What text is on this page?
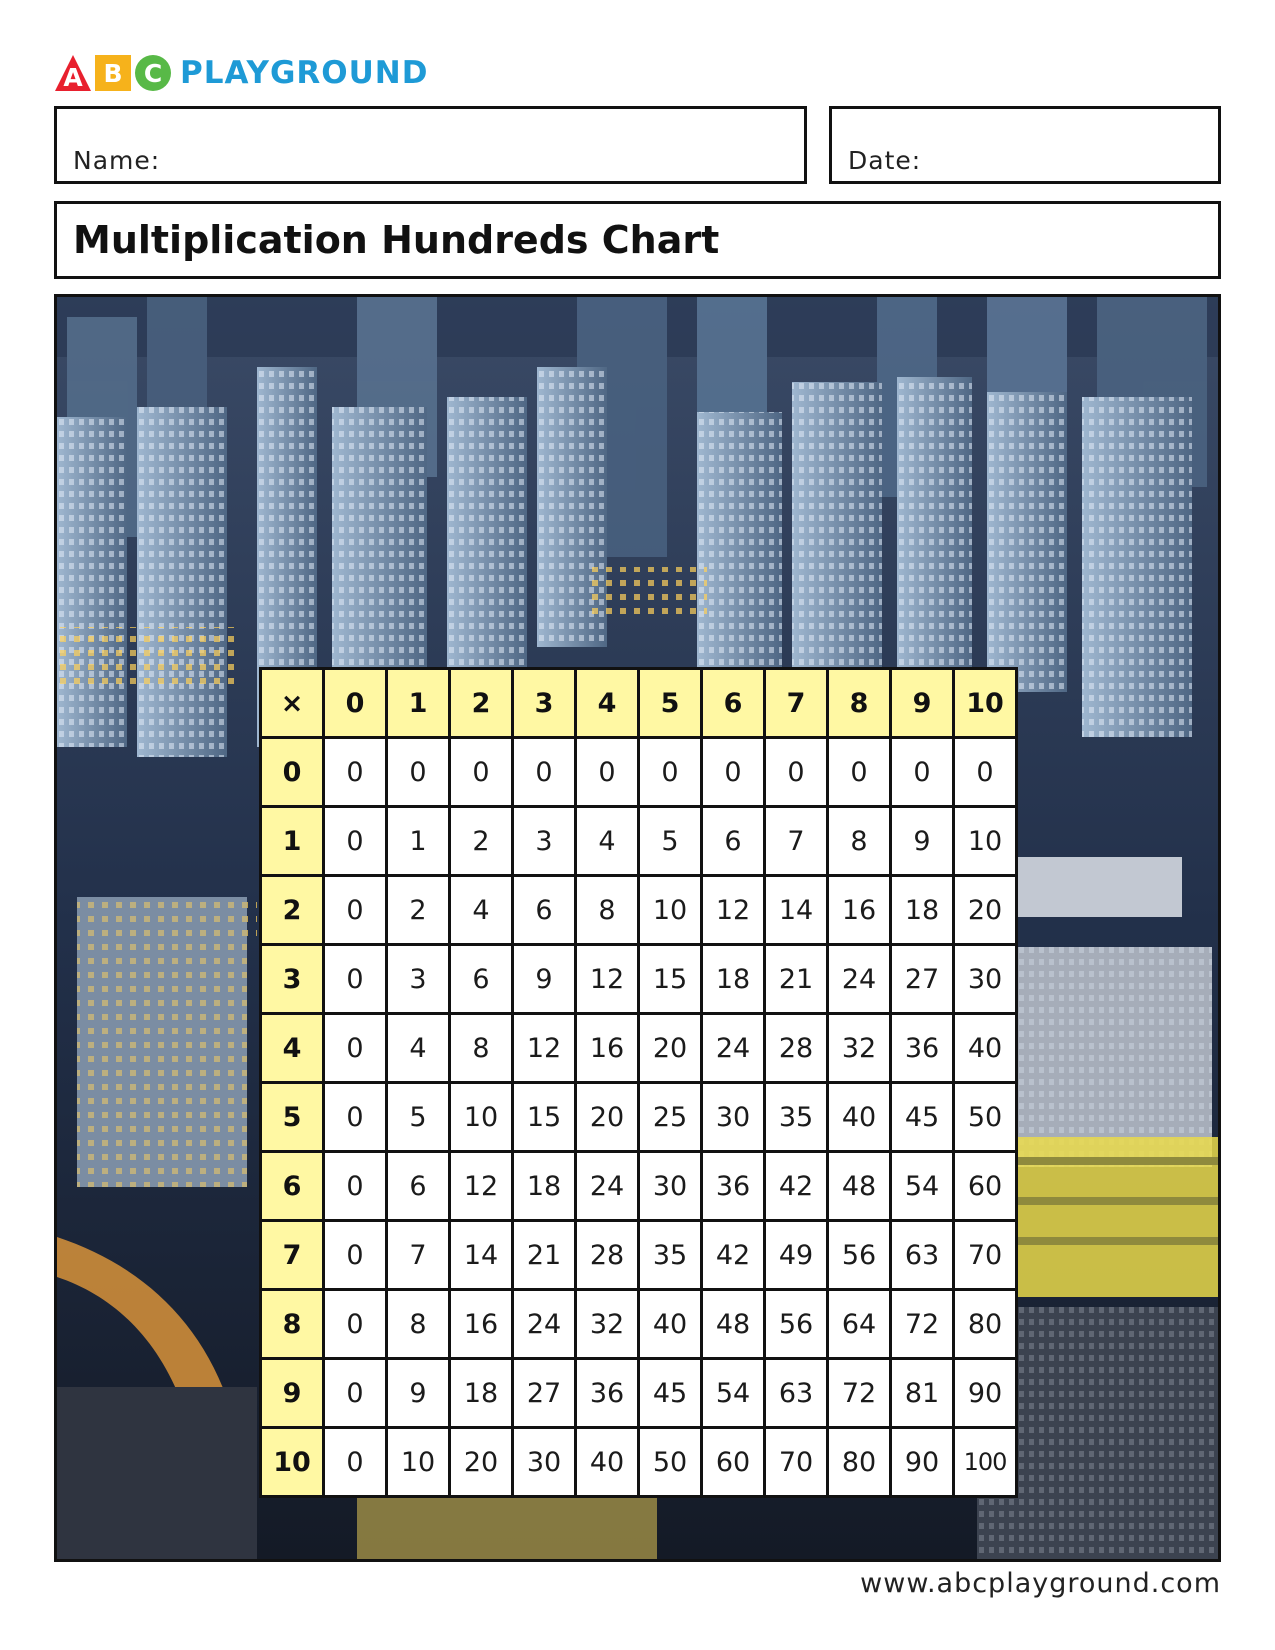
A B C PLAYGROUND
Name:	Date:
Multiplication Hundreds Chart
×	0	1	2	3	4	5	6	7	8	9	10
0	0	0	0	0	0	0	0	0	0	0	0
1	0	1	2	3	4	5	6	7	8	9	10
2	0	2	4	6	8	10	12	14	16	18	20
3	0	3	6	9	12	15	18	21	24	27	30
4	0	4	8	12	16	20	24	28	32	36	40
5	0	5	10	15	20	25	30	35	40	45	50
6	0	6	12	18	24	30	36	42	48	54	60
7	0	7	14	21	28	35	42	49	56	63	70
8	0	8	16	24	32	40	48	56	64	72	80
9	0	9	18	27	36	45	54	63	72	81	90
10	0	10	20	30	40	50	60	70	80	90	100
www.abcplayground.com
